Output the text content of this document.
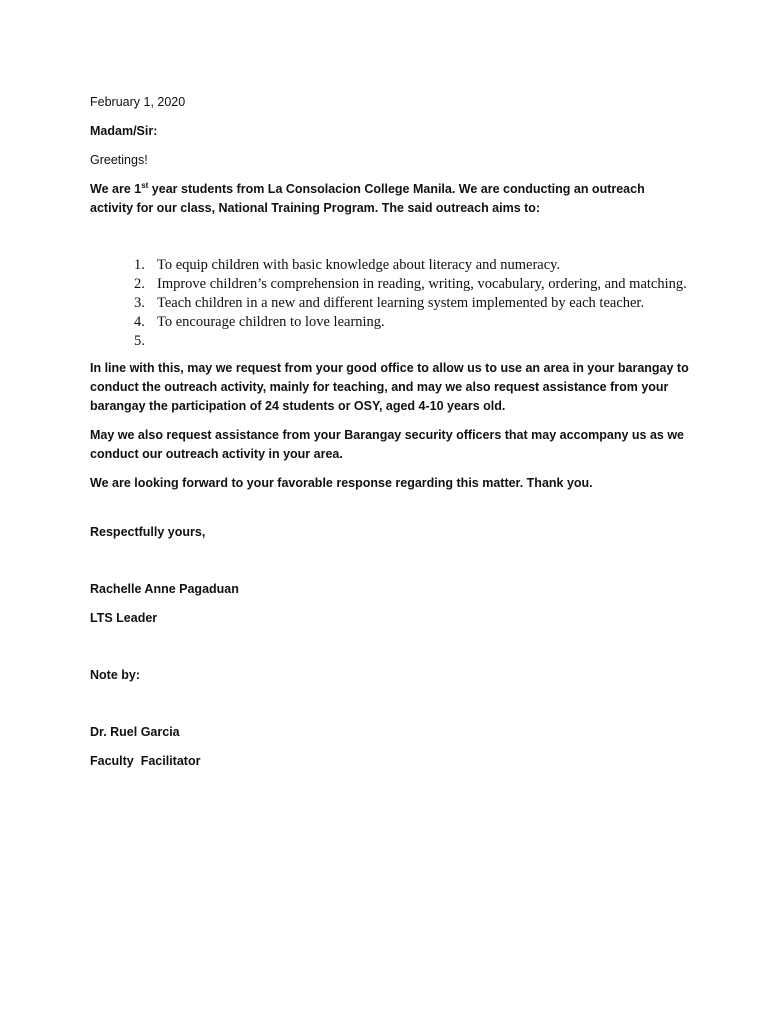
February 1, 2020

Madam/Sir:

Greetings!

We are 1st year students from La Consolacion College Manila. We are conducting an outreach activity for our class, National Training Program. The said outreach aims to:

1. To equip children with basic knowledge about literacy and numeracy.
2. Improve children’s comprehension in reading, writing, vocabulary, ordering, and matching.
3. Teach children in a new and different learning system implemented by each teacher.
4. To encourage children to love learning.
5.

In line with this, may we request from your good office to allow us to use an area in your barangay to conduct the outreach activity, mainly for teaching, and may we also request assistance from your barangay the participation of 24 students or OSY, aged 4-10 years old.

May we also request assistance from your Barangay security officers that may accompany us as we conduct our outreach activity in your area.

We are looking forward to your favorable response regarding this matter. Thank you.

Respectfully yours,

Rachelle Anne Pagaduan

LTS Leader

Note by:

Dr. Ruel Garcia

Faculty  Facilitator
